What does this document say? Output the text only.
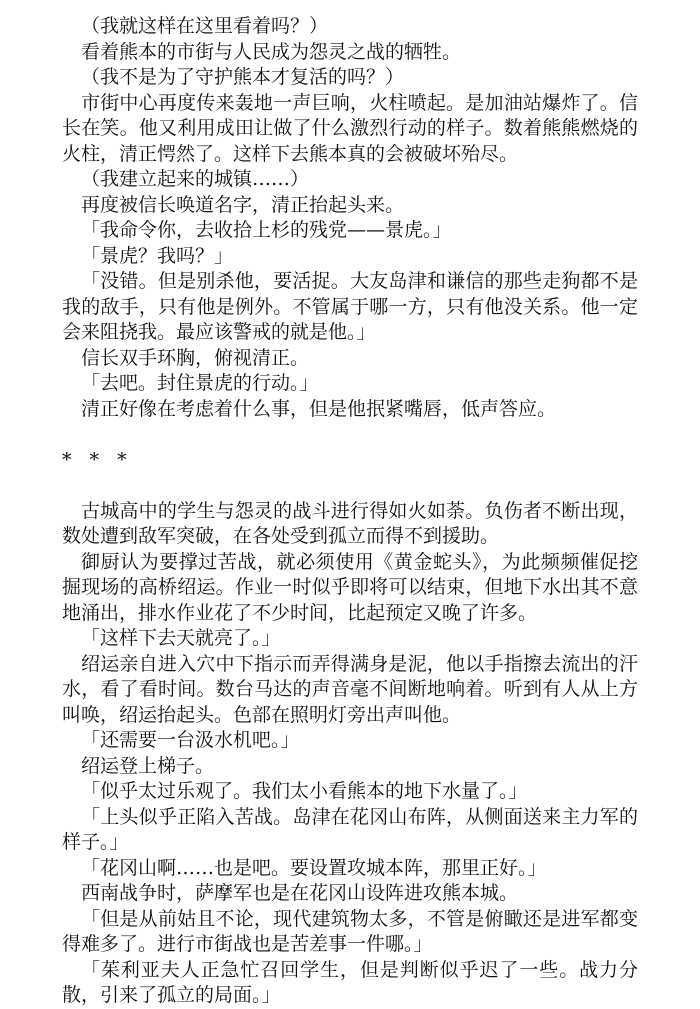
（我就这样在这里看着吗？）

看着熊本的市街与人民成为怨灵之战的牺牲。

（我不是为了守护熊本才复活的吗？）

市街中心再度传来轰地一声巨响，火柱喷起。是加油站爆炸了。信长在笑。他又利用成田让做了什么激烈行动的样子。数着熊熊燃烧的火柱，清正愕然了。这样下去熊本真的会被破坏殆尽。

（我建立起来的城镇……）

再度被信长唤道名字，清正抬起头来。

「我命令你，去收拾上杉的残党——景虎。」

「景虎？我吗？」

「没错。但是别杀他，要活捉。大友岛津和谦信的那些走狗都不是我的敌手，只有他是例外。不管属于哪一方，只有他没关系。他一定会来阻挠我。最应该警戒的就是他。」

信长双手环胸，俯视清正。

「去吧。封住景虎的行动。」

清正好像在考虑着什么事，但是他抿紧嘴唇，低声答应。

* * *

古城高中的学生与怨灵的战斗进行得如火如荼。负伤者不断出现，数处遭到敌军突破，在各处受到孤立而得不到援助。

御厨认为要撑过苦战，就必须使用《黄金蛇头》，为此频频催促挖掘现场的高桥绍运。作业一时似乎即将可以结束，但地下水出其不意地涌出，排水作业花了不少时间，比起预定又晚了许多。

「这样下去天就亮了。」

绍运亲自进入穴中下指示而弄得满身是泥，他以手指擦去流出的汗水，看了看时间。数台马达的声音毫不间断地响着。听到有人从上方叫唤，绍运抬起头。色部在照明灯旁出声叫他。

「还需要一台汲水机吧。」

绍运登上梯子。

「似乎太过乐观了。我们太小看熊本的地下水量了。」

「上头似乎正陷入苦战。岛津在花冈山布阵，从侧面送来主力军的样子。」

「花冈山啊……也是吧。要设置攻城本阵，那里正好。」

西南战争时，萨摩军也是在花冈山设阵进攻熊本城。

「但是从前姑且不论，现代建筑物太多，不管是俯瞰还是进军都变得难多了。进行市街战也是苦差事一件哪。」

「茱利亚夫人正急忙召回学生，但是判断似乎迟了一些。战力分散，引来了孤立的局面。」
